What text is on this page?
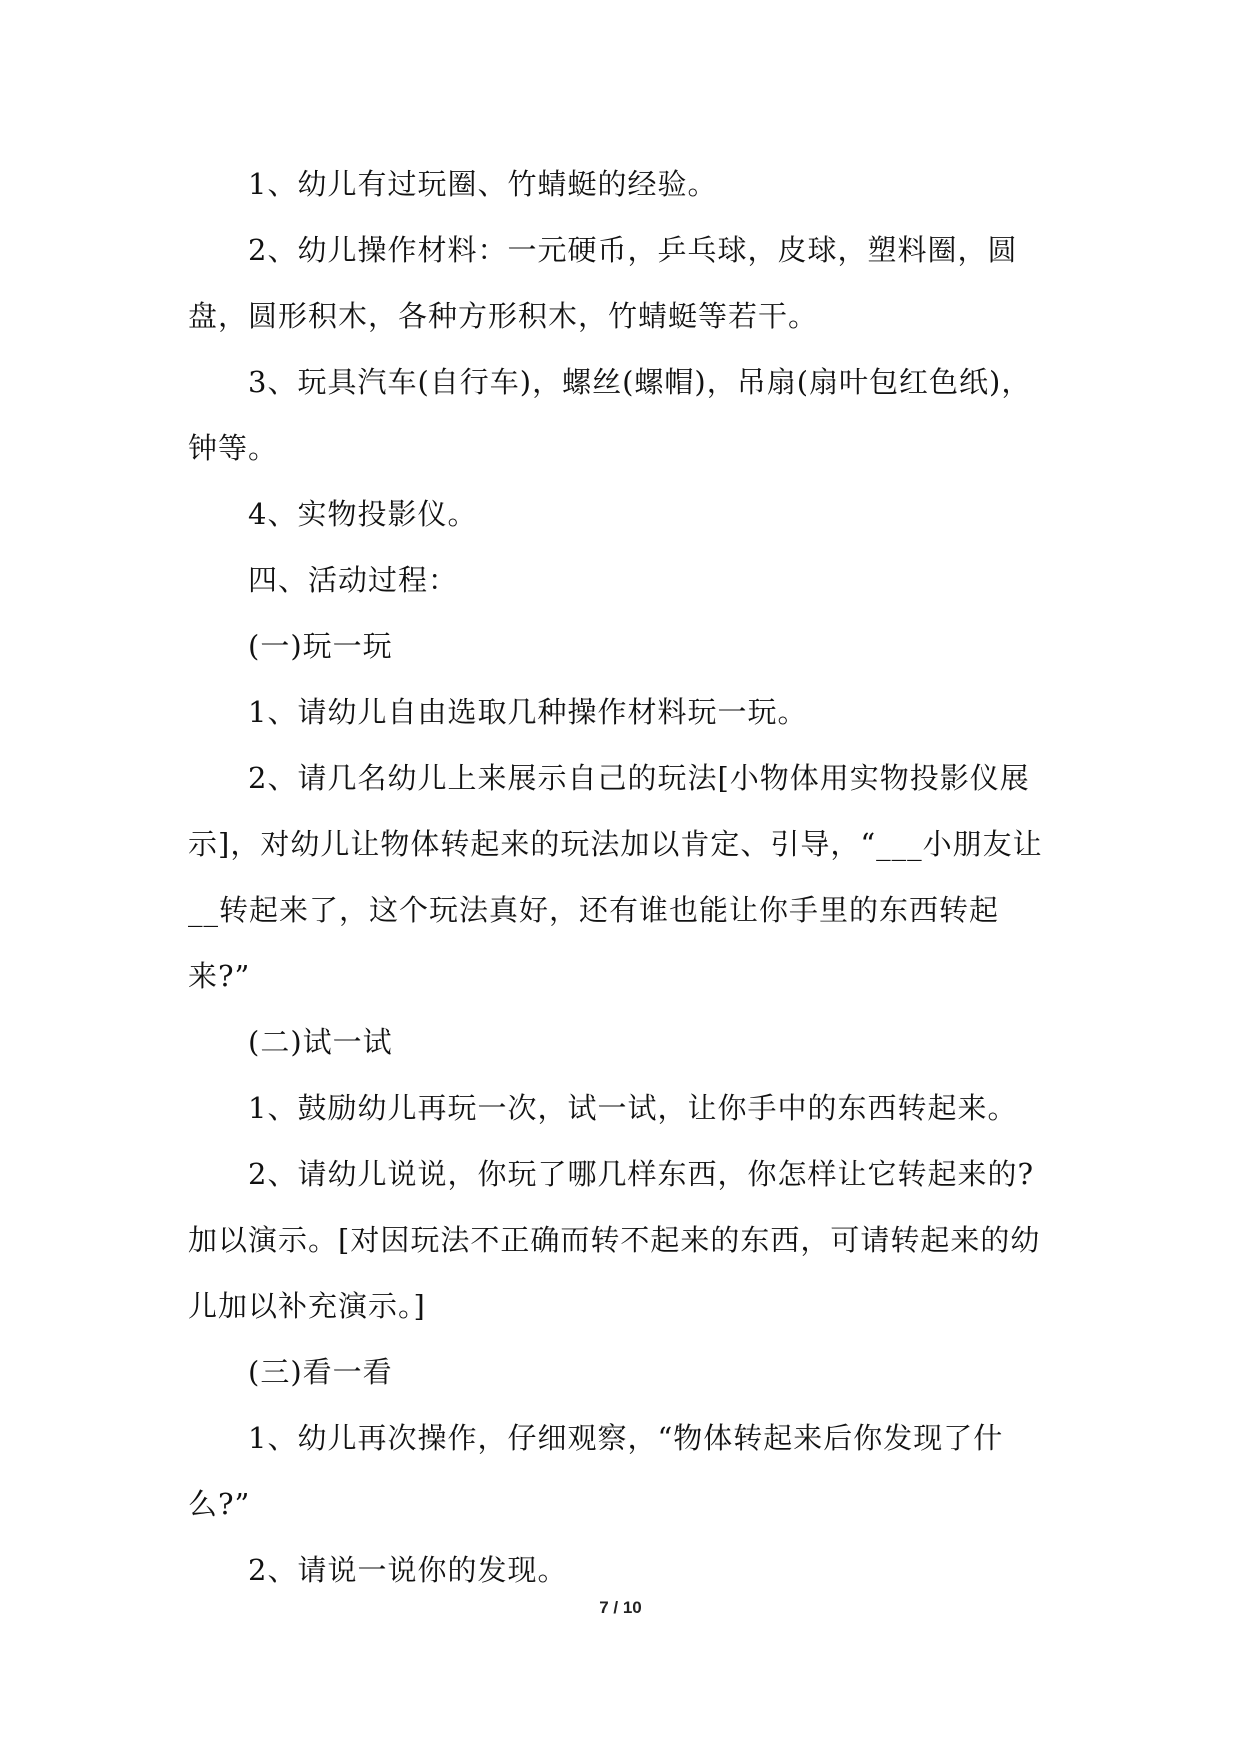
1、幼儿有过玩圈、竹蜻蜓的经验。

2、幼儿操作材料：一元硬币，乒乓球，皮球，塑料圈，圆盘，圆形积木，各种方形积木，竹蜻蜓等若干。

3、玩具汽车(自行车)，螺丝(螺帽)，吊扇(扇叶包红色纸)，钟等。

4、实物投影仪。

四、活动过程：

(一)玩一玩

1、请幼儿自由选取几种操作材料玩一玩。

2、请几名幼儿上来展示自己的玩法[小物体用实物投影仪展示]，对幼儿让物体转起来的玩法加以肯定、引导，“___小朋友让__转起来了，这个玩法真好，还有谁也能让你手里的东西转起来?”

(二)试一试

1、鼓励幼儿再玩一次，试一试，让你手中的东西转起来。

2、请幼儿说说，你玩了哪几样东西，你怎样让它转起来的?加以演示。[对因玩法不正确而转不起来的东西，可请转起来的幼儿加以补充演示。]

(三)看一看

1、幼儿再次操作，仔细观察，“物体转起来后你发现了什么?”

2、请说一说你的发现。

7 / 10
